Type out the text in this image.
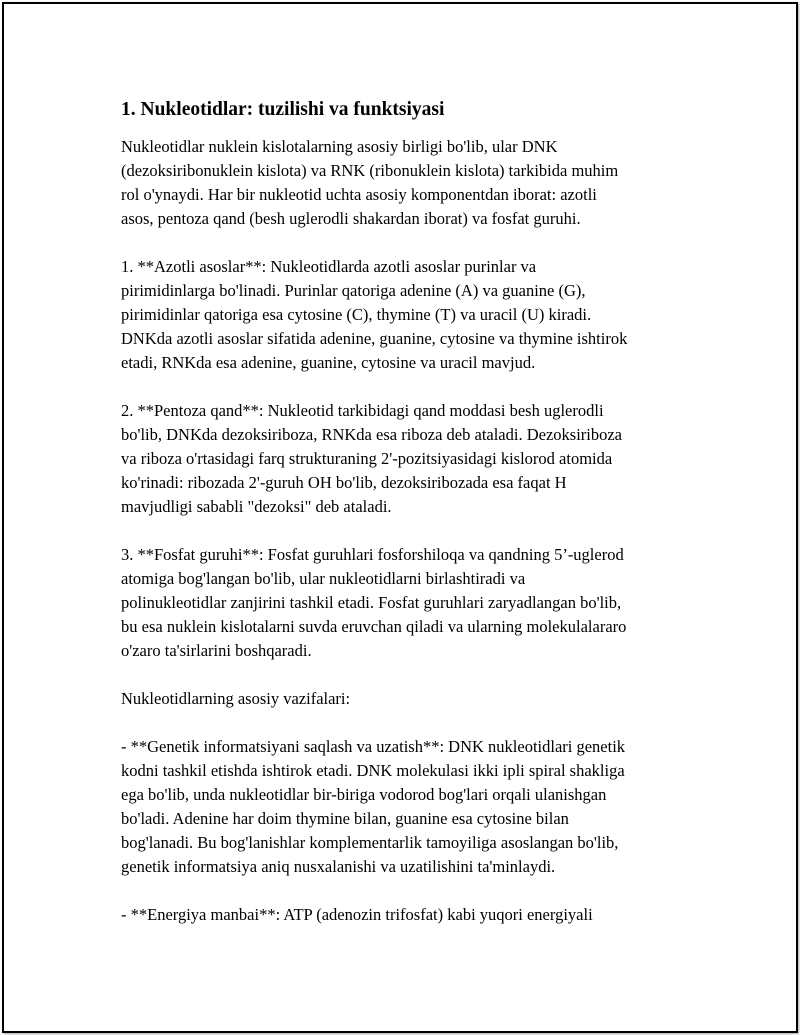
1. Nukleotidlar: tuzilishi va funktsiyasi

Nukleotidlar nuklein kislotalarning asosiy birligi bo'lib, ular DNK
(dezoksiribonuklein kislota) va RNK (ribonuklein kislota) tarkibida muhim
rol o'ynaydi. Har bir nukleotid uchta asosiy komponentdan iborat: azotli
asos, pentoza qand (besh uglerodli shakardan iborat) va fosfat guruhi.

1. **Azotli asoslar**: Nukleotidlarda azotli asoslar purinlar va
pirimidinlarga bo'linadi. Purinlar qatoriga adenine (A) va guanine (G),
pirimidinlar qatoriga esa cytosine (C), thymine (T) va uracil (U) kiradi.
DNKda azotli asoslar sifatida adenine, guanine, cytosine va thymine ishtirok
etadi, RNKda esa adenine, guanine, cytosine va uracil mavjud.

2. **Pentoza qand**: Nukleotid tarkibidagi qand moddasi besh uglerodli
bo'lib, DNKda dezoksiriboza, RNKda esa riboza deb ataladi. Dezoksiriboza
va riboza o'rtasidagi farq strukturaning 2'-pozitsiyasidagi kislorod atomida
ko'rinadi: ribozada 2'-guruh OH bo'lib, dezoksiribozada esa faqat H
mavjudligi sababli "dezoksi" deb ataladi.

3. **Fosfat guruhi**: Fosfat guruhlari fosforshiloqa va qandning 5’-uglerod
atomiga bog'langan bo'lib, ular nukleotidlarni birlashtiradi va
polinukleotidlar zanjirini tashkil etadi. Fosfat guruhlari zaryadlangan bo'lib,
bu esa nuklein kislotalarni suvda eruvchan qiladi va ularning molekulalararo
o'zaro ta'sirlarini boshqaradi.

Nukleotidlarning asosiy vazifalari:

- **Genetik informatsiyani saqlash va uzatish**: DNK nukleotidlari genetik
kodni tashkil etishda ishtirok etadi. DNK molekulasi ikki ipli spiral shakliga
ega bo'lib, unda nukleotidlar bir-biriga vodorod bog'lari orqali ulanishgan
bo'ladi. Adenine har doim thymine bilan, guanine esa cytosine bilan
bog'lanadi. Bu bog'lanishlar komplementarlik tamoyiliga asoslangan bo'lib,
genetik informatsiya aniq nusxalanishi va uzatilishini ta'minlaydi.

- **Energiya manbai**: ATP (adenozin trifosfat) kabi yuqori energiyali
